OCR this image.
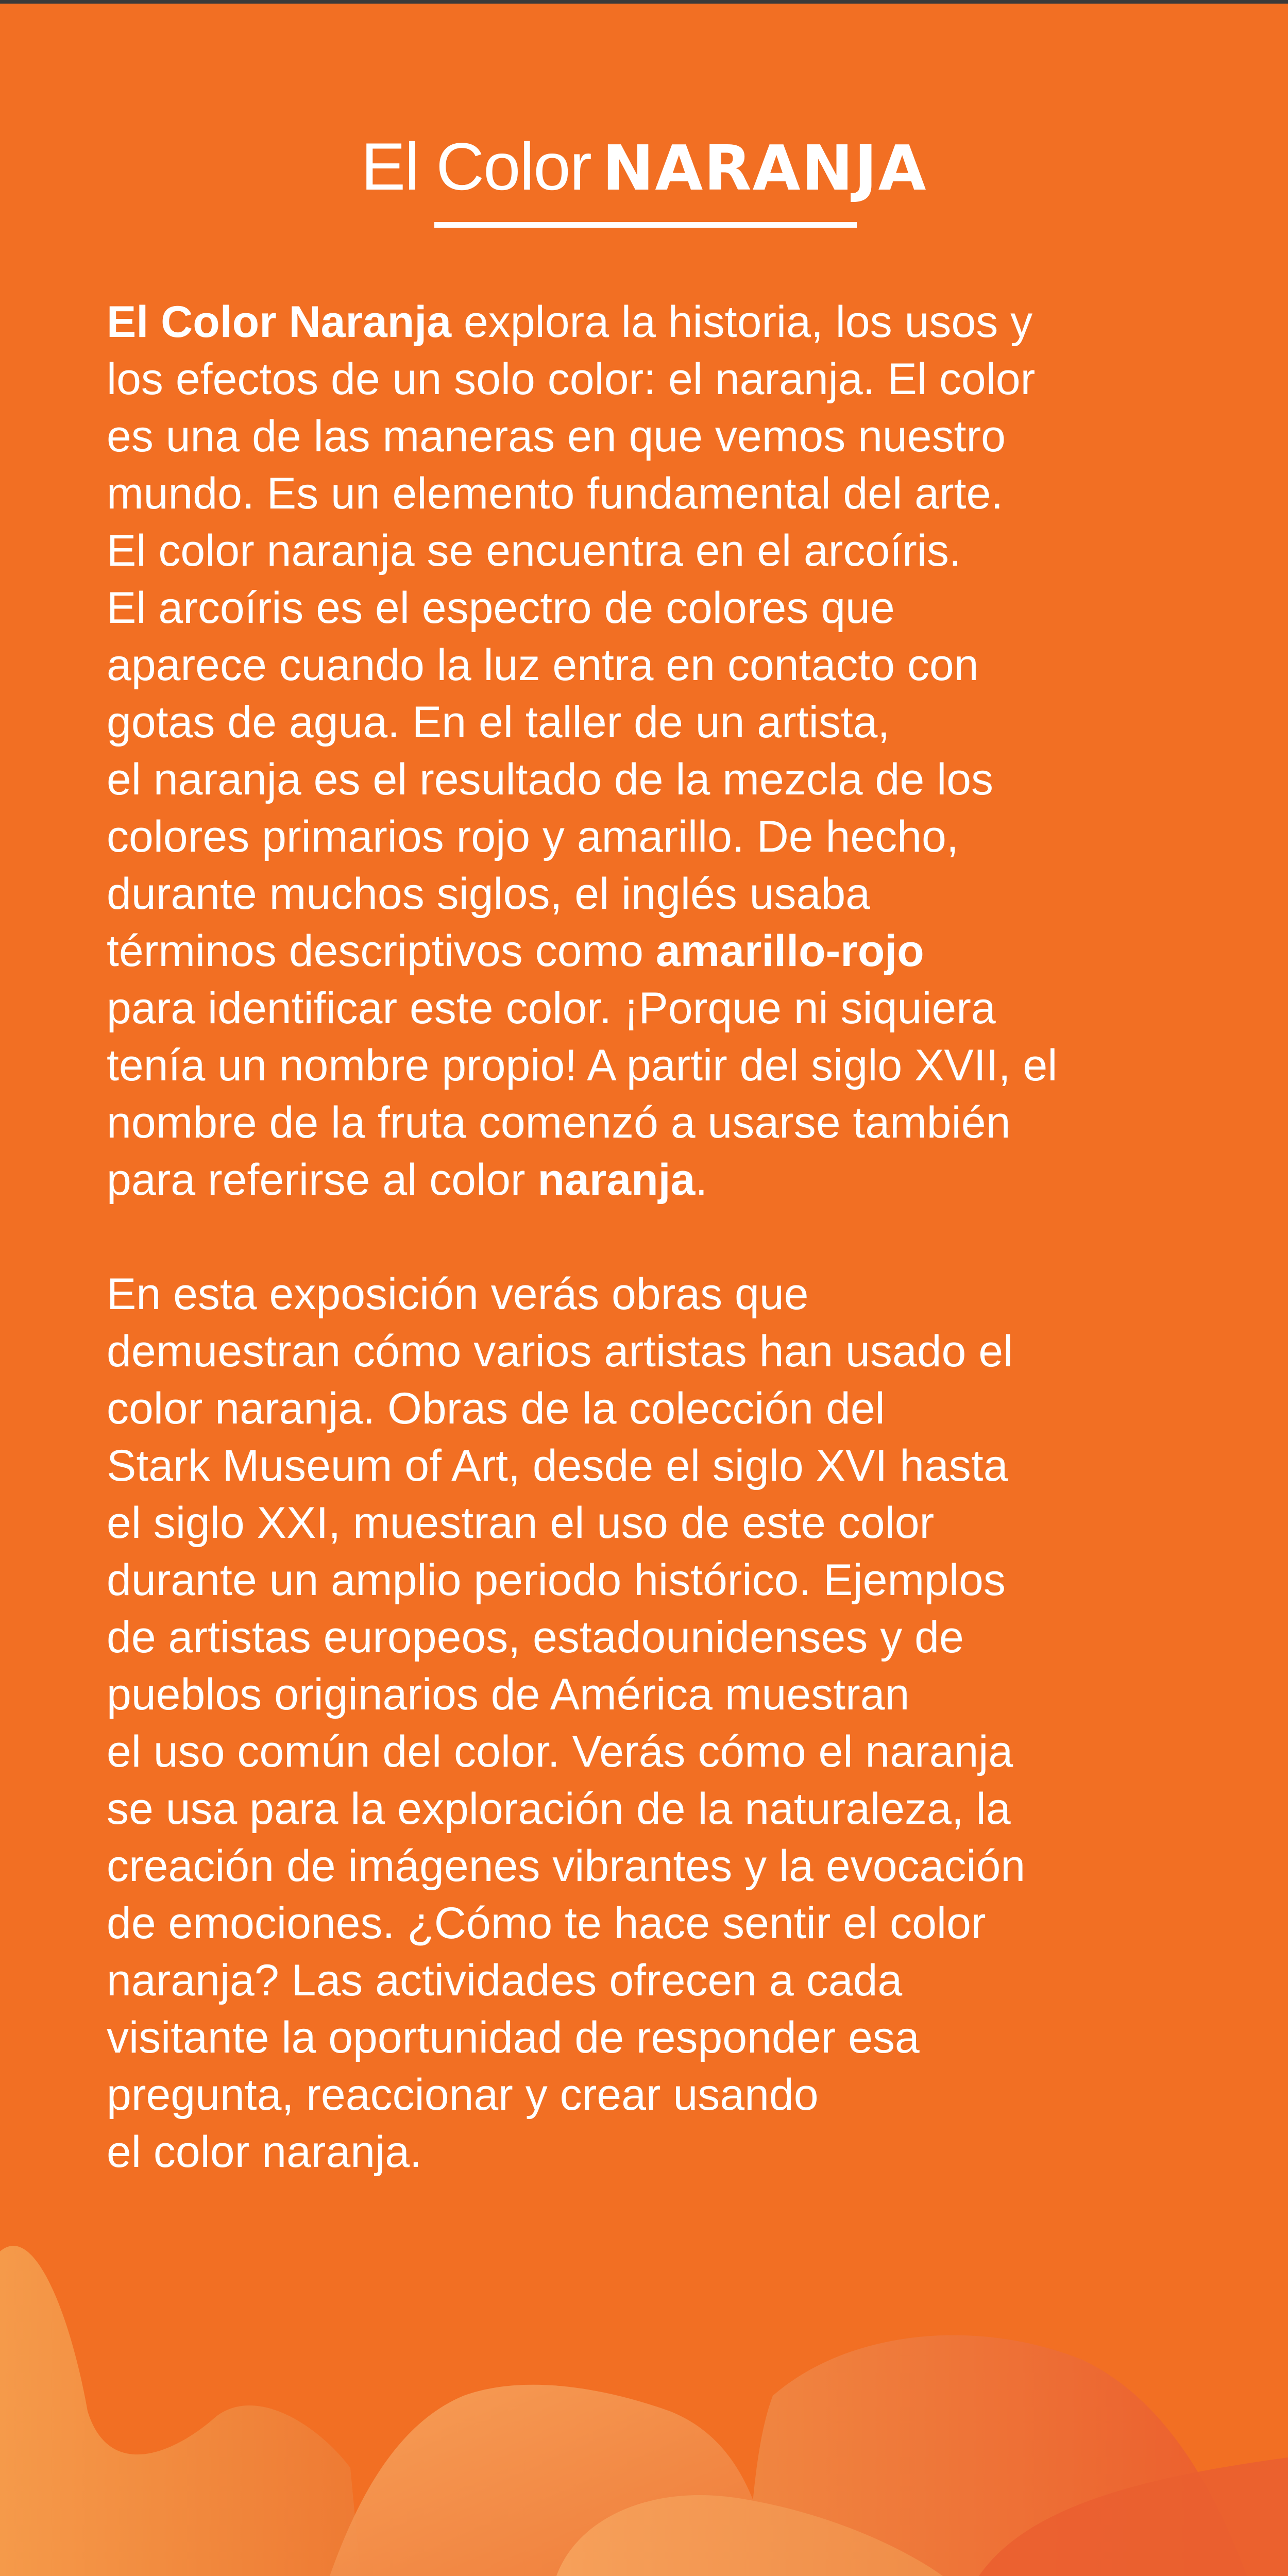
El Color NARANJA
El Color Naranja explora la historia, los usos y
los efectos de un solo color: el naranja. El color
es una de las maneras en que vemos nuestro
mundo. Es un elemento fundamental del arte.
El color naranja se encuentra en el arcoíris.
El arcoíris es el espectro de colores que
aparece cuando la luz entra en contacto con
gotas de agua. En el taller de un artista,
el naranja es el resultado de la mezcla de los
colores primarios rojo y amarillo. De hecho,
durante muchos siglos, el inglés usaba
términos descriptivos como amarillo-rojo
para identificar este color. ¡Porque ni siquiera
tenía un nombre propio! A partir del siglo XVII, el
nombre de la fruta comenzó a usarse también
para referirse al color naranja.
En esta exposición verás obras que
demuestran cómo varios artistas han usado el
color naranja. Obras de la colección del
Stark Museum of Art, desde el siglo XVI hasta
el siglo XXI, muestran el uso de este color
durante un amplio periodo histórico. Ejemplos
de artistas europeos, estadounidenses y de
pueblos originarios de América muestran
el uso común del color. Verás cómo el naranja
se usa para la exploración de la naturaleza, la
creación de imágenes vibrantes y la evocación
de emociones. ¿Cómo te hace sentir el color
naranja? Las actividades ofrecen a cada
visitante la oportunidad de responder esa
pregunta, reaccionar y crear usando
el color naranja.
